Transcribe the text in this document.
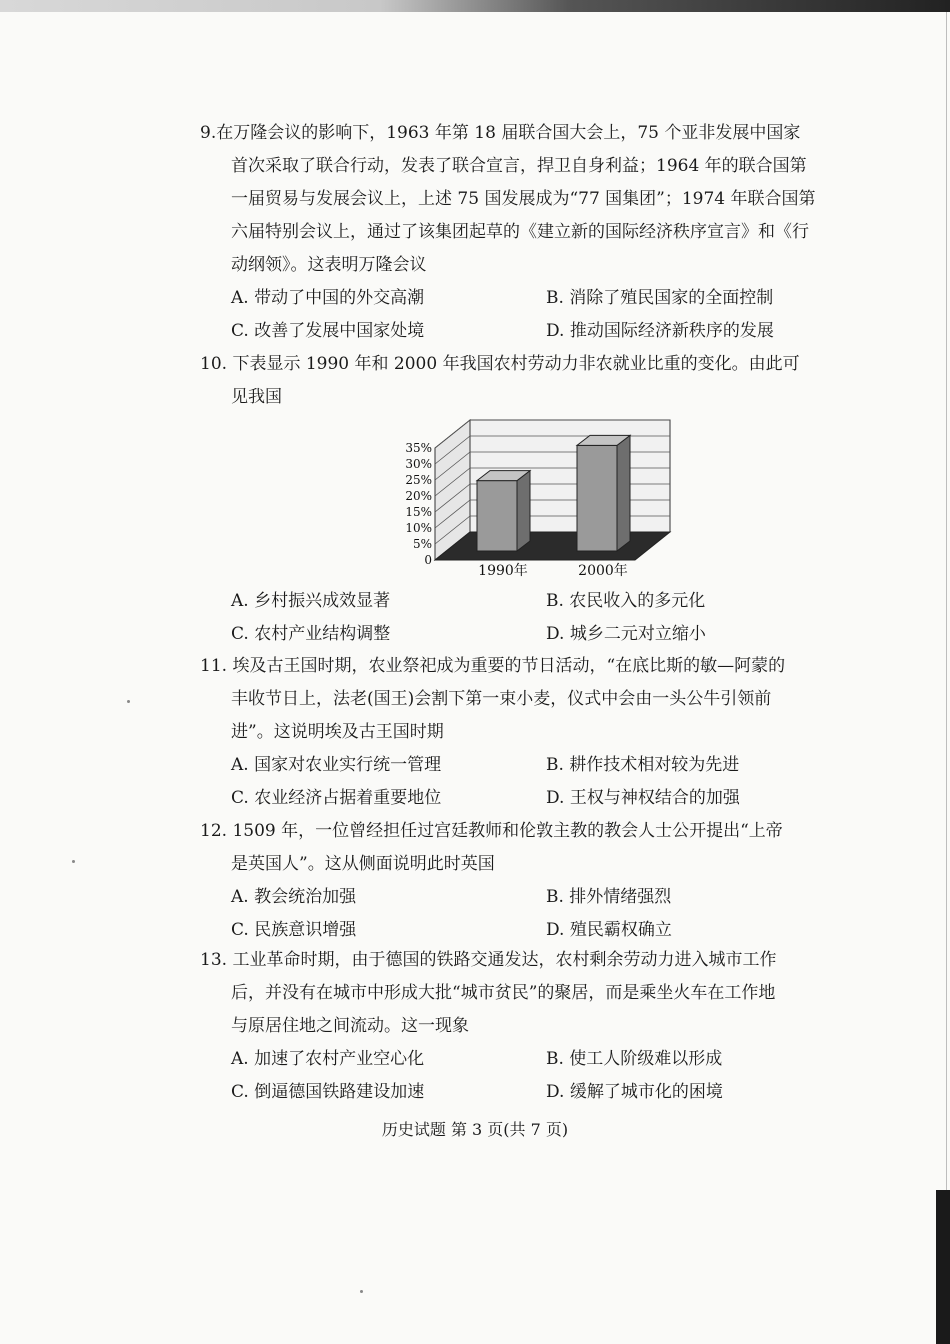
9.在万隆会议的影响下，1963 年第 18 届联合国大会上，75 个亚非发展中国家
首次采取了联合行动，发表了联合宣言，捍卫自身利益；1964 年的联合国第
一届贸易与发展会议上，上述 75 国发展成为“77 国集团”；1974 年联合国第
六届特别会议上，通过了该集团起草的《建立新的国际经济秩序宣言》和《行
动纲领》。这表明万隆会议
A. 带动了中国的外交高潮	B. 消除了殖民国家的全面控制
C. 改善了发展中国家处境	D. 推动国际经济新秩序的发展
10. 下表显示 1990 年和 2000 年我国农村劳动力非农就业比重的变化。由此可
见我国
0
5%
10%
15%
20%
25%
30%
35%
1990年	2000年
A. 乡村振兴成效显著	B. 农民收入的多元化
C. 农村产业结构调整	D. 城乡二元对立缩小
11. 埃及古王国时期，农业祭祀成为重要的节日活动，“在底比斯的敏—阿蒙的
丰收节日上，法老(国王)会割下第一束小麦，仪式中会由一头公牛引领前
进”。这说明埃及古王国时期
A. 国家对农业实行统一管理	B. 耕作技术相对较为先进
C. 农业经济占据着重要地位	D. 王权与神权结合的加强
12. 1509 年，一位曾经担任过宫廷教师和伦敦主教的教会人士公开提出“上帝
是英国人”。这从侧面说明此时英国
A. 教会统治加强	B. 排外情绪强烈
C. 民族意识增强	D. 殖民霸权确立
13. 工业革命时期，由于德国的铁路交通发达，农村剩余劳动力进入城市工作
后，并没有在城市中形成大批“城市贫民”的聚居，而是乘坐火车在工作地
与原居住地之间流动。这一现象
A. 加速了农村产业空心化	B. 使工人阶级难以形成
C. 倒逼德国铁路建设加速	D. 缓解了城市化的困境
历史试题 第 3 页(共 7 页)
